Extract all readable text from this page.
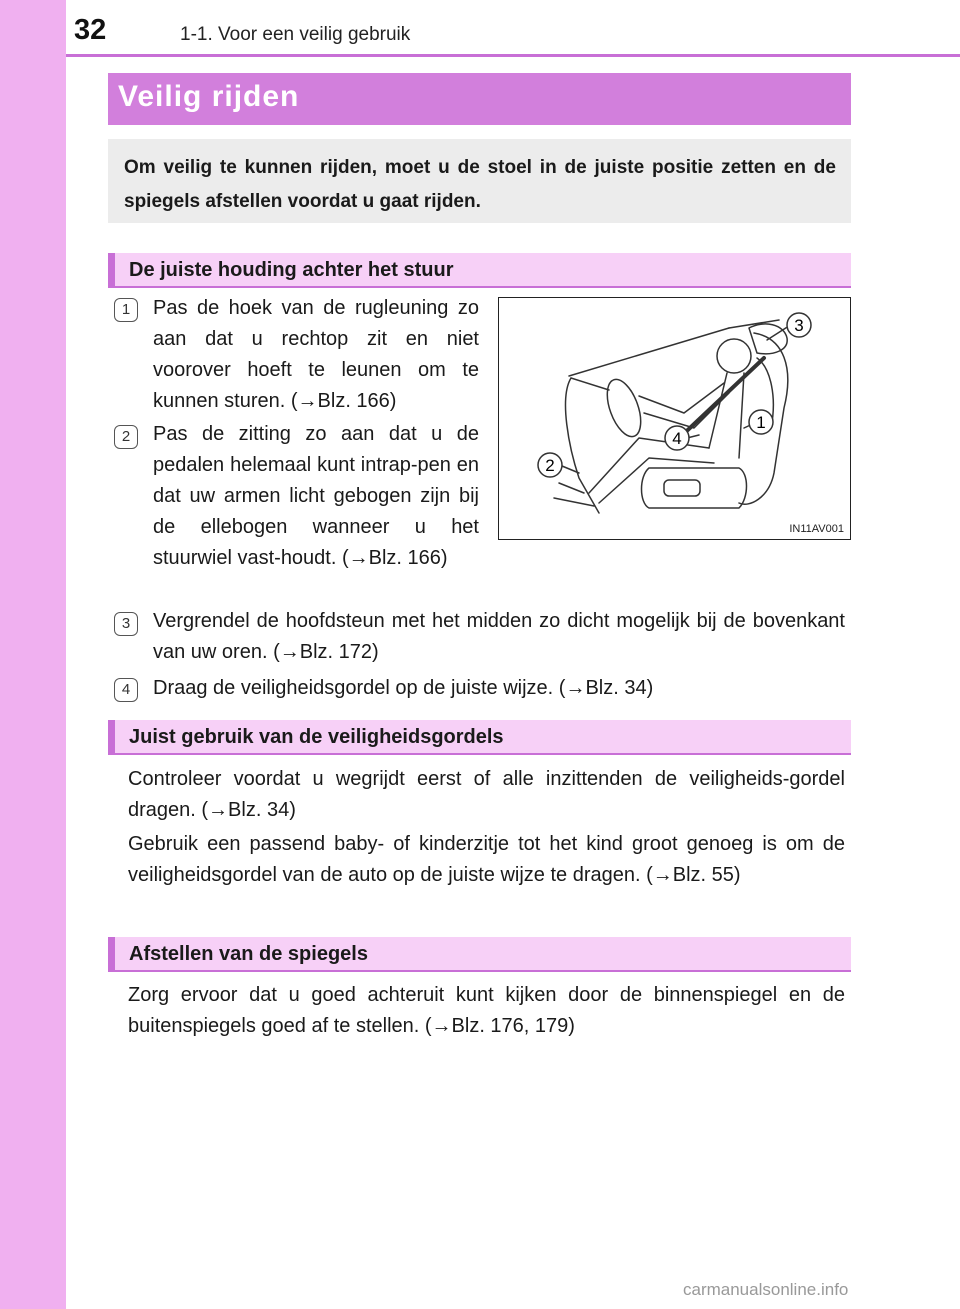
32	1-1. Voor een veilig gebruik
Veilig rijden
Om veilig te kunnen rijden, moet u de stoel in de juiste positie zetten en de spiegels afstellen voordat u gaat rijden.
De juiste houding achter het stuur
1	Pas de hoek van de rugleuning zo aan dat u rechtop zit en niet voorover hoeft te leunen om te kunnen sturen. (→Blz. 166)
2	Pas de zitting zo aan dat u de pedalen helemaal kunt intrap-pen en dat uw armen licht gebogen zijn bij de ellebogen wanneer u het stuurwiel vast-houdt. (→Blz. 166)
3	Vergrendel de hoofdsteun met het midden zo dicht mogelijk bij de bovenkant van uw oren. (→Blz. 172)
4	Draag de veiligheidsgordel op de juiste wijze. (→Blz. 34)
3
1
4
2
IN11AV001
Juist gebruik van de veiligheidsgordels
Controleer voordat u wegrijdt eerst of alle inzittenden de veiligheids-gordel dragen. (→Blz. 34)
Gebruik een passend baby- of kinderzitje tot het kind groot genoeg is om de veiligheidsgordel van de auto op de juiste wijze te dragen. (→Blz. 55)
Afstellen van de spiegels
Zorg ervoor dat u goed achteruit kunt kijken door de binnenspiegel en de buitenspiegels goed af te stellen. (→Blz. 176, 179)
carmanualsonline.info
